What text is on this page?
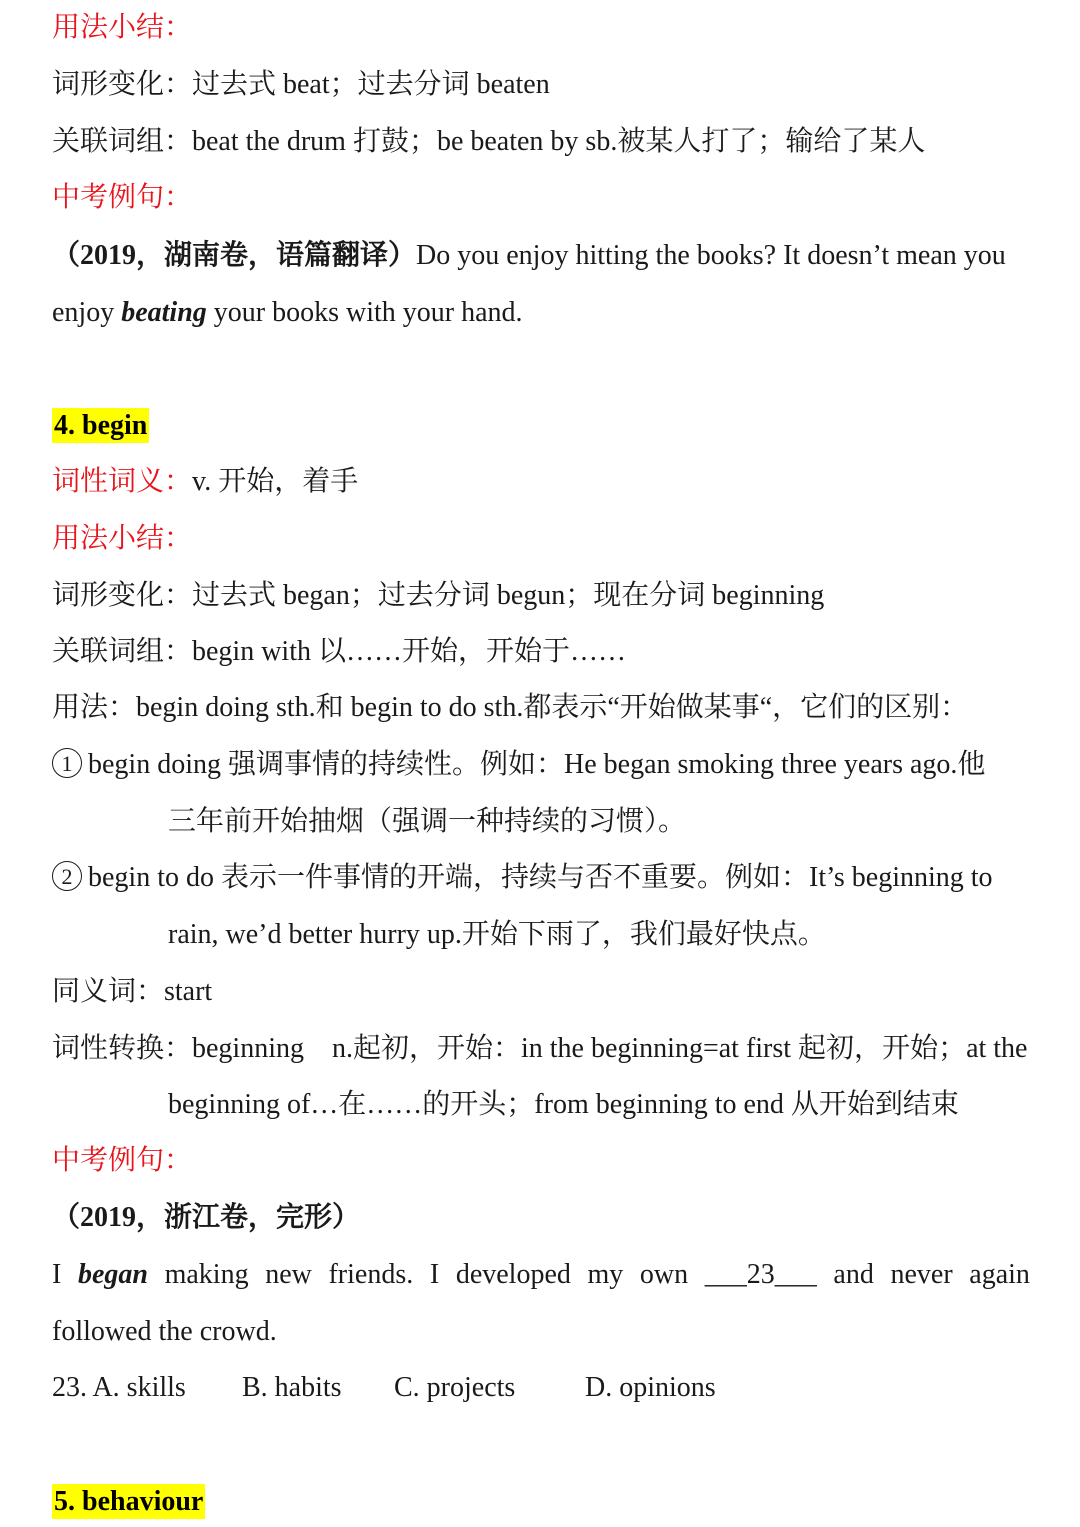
用法小结：
词形变化：过去式 beat；过去分词 beaten
关联词组：beat the drum 打鼓；be beaten by sb.被某人打了；输给了某人
中考例句：
（2019，湖南卷，语篇翻译）Do you enjoy hitting the books? It doesn’t mean you
enjoy beating your books with your hand.
4. begin
词性词义：v. 开始，着手
用法小结：
词形变化：过去式 began；过去分词 begun；现在分词 beginning
关联词组：begin with 以……开始，开始于……
用法：begin doing sth.和 begin to do sth.都表示“开始做某事“，它们的区别：
1 begin doing 强调事情的持续性。例如：He began smoking three years ago.他
三年前开始抽烟（强调一种持续的习惯）。
2 begin to do 表示一件事情的开端，持续与否不重要。例如：It’s beginning to
rain, we’d better hurry up.开始下雨了，我们最好快点。
同义词：start
词性转换：beginning　n.起初，开始：in the beginning=at first 起初，开始；at the
beginning of…在……的开头；from beginning to end 从开始到结束
中考例句：
（2019，浙江卷，完形）
I began making new friends. I developed my own ___23___ and never again
followed the crowd.
23. A. skills B. habits C. projects D. opinions
5. behaviour
